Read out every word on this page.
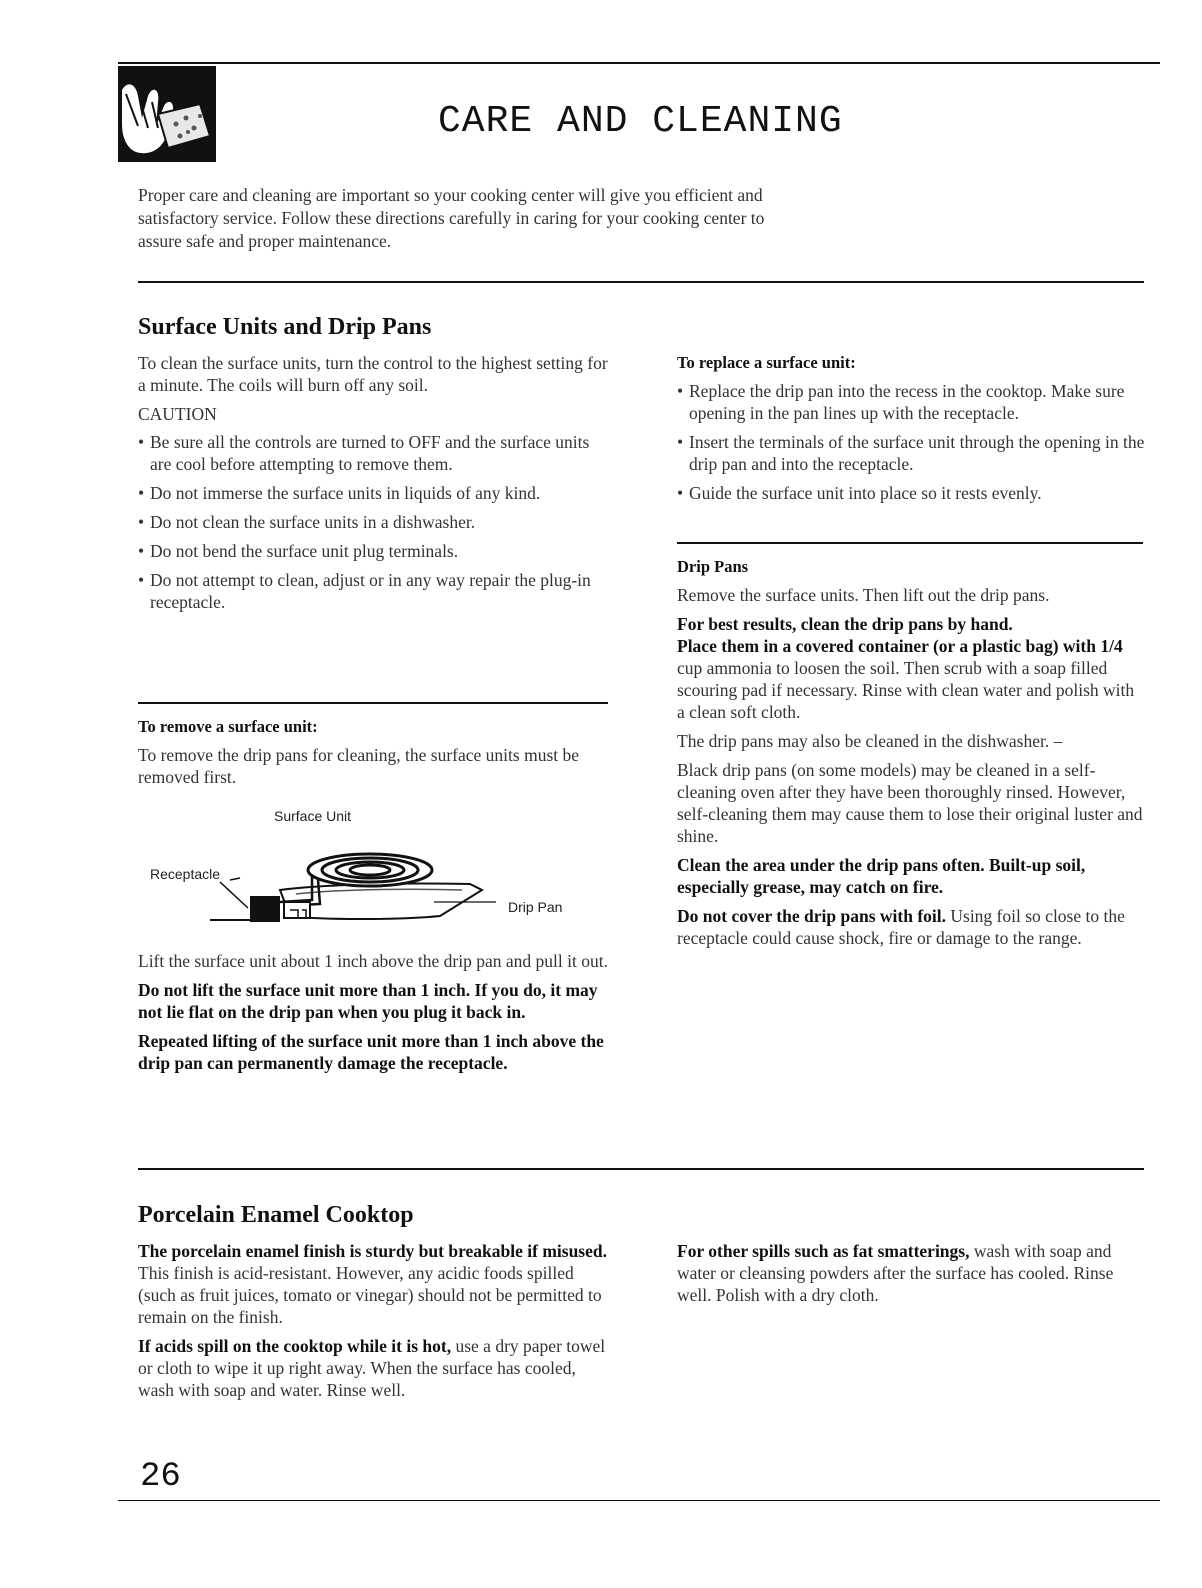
CARE AND CLEANING
Proper care and cleaning are important so your cooking center will give you efficient and satisfactory service. Follow these directions carefully in caring for your cooking center to assure safe and proper maintenance.
Surface Units and Drip Pans

To clean the surface units, turn the control to the highest setting for a minute. The coils will burn off any soil.

CAUTION

• Be sure all the controls are turned to OFF and the surface units are cool before attempting to remove them.

• Do not immerse the surface units in liquids of any kind.

• Do not clean the surface units in a dishwasher.

• Do not bend the surface unit plug terminals.

• Do not attempt to clean, adjust or in any way repair the plug-in receptacle.

To remove a surface unit:

To remove the drip pans for cleaning, the surface units must be removed first.

Surface Unit
Receptacle
Drip Pan

Lift the surface unit about 1 inch above the drip pan and pull it out.

Do not lift the surface unit more than 1 inch. If you do, it may not lie flat on the drip pan when you plug it back in.

Repeated lifting of the surface unit more than 1 inch above the drip pan can permanently damage the receptacle.

To replace a surface unit:

• Replace the drip pan into the recess in the cooktop. Make sure opening in the pan lines up with the receptacle.

• Insert the terminals of the surface unit through the opening in the drip pan and into the receptacle.

• Guide the surface unit into place so it rests evenly.

Drip Pans

Remove the surface units. Then lift out the drip pans.

For best results, clean the drip pans by hand.
Place them in a covered container (or a plastic bag) with 1/4 cup ammonia to loosen the soil. Then scrub with a soap filled scouring pad if necessary. Rinse with clean water and polish with a clean soft cloth.

The drip pans may also be cleaned in the dishwasher. –

Black drip pans (on some models) may be cleaned in a self-cleaning oven after they have been thoroughly rinsed. However, self-cleaning them may cause them to lose their original luster and shine.

Clean the area under the drip pans often. Built-up soil, especially grease, may catch on fire.

Do not cover the drip pans with foil. Using foil so close to the receptacle could cause shock, fire or damage to the range.

Porcelain Enamel Cooktop

The porcelain enamel finish is sturdy but breakable if misused. This finish is acid-resistant. However, any acidic foods spilled (such as fruit juices, tomato or vinegar) should not be permitted to remain on the finish.

If acids spill on the cooktop while it is hot, use a dry paper towel or cloth to wipe it up right away. When the surface has cooled, wash with soap and water. Rinse well.

For other spills such as fat smatterings, wash with soap and water or cleansing powders after the surface has cooled. Rinse well. Polish with a dry cloth.

26
